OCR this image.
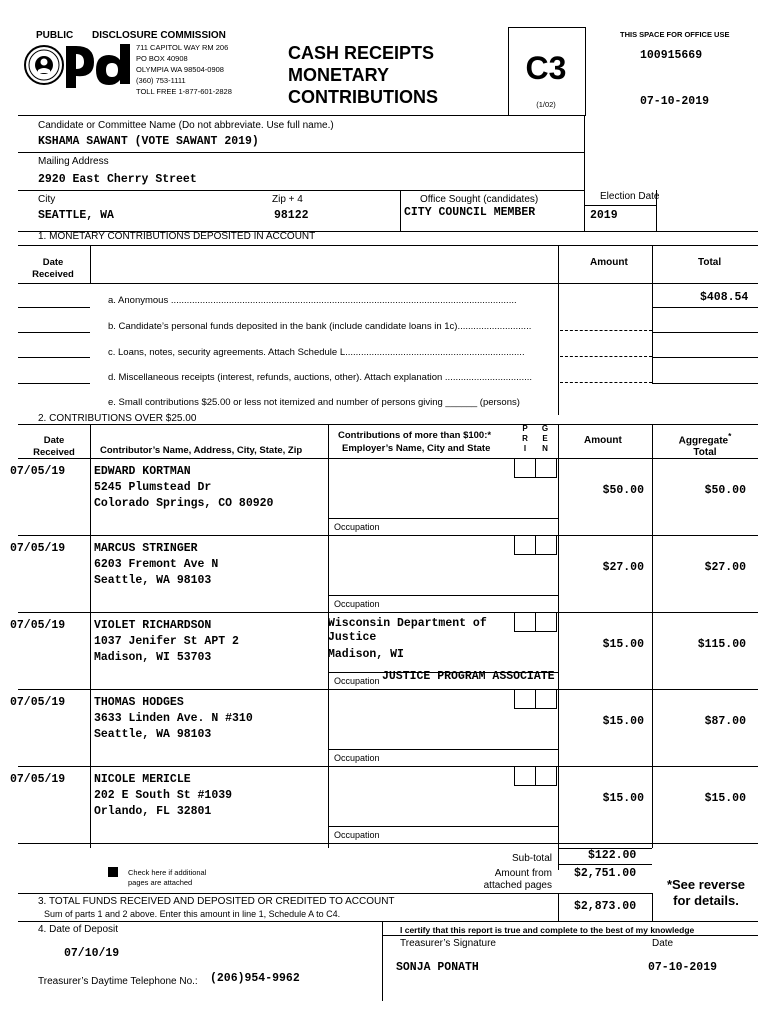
PUBLIC DISCLOSURE COMMISSION
711 CAPITOL WAY RM 206
PO BOX 40908
OLYMPIA WA 98504-0908
(360) 753-1111
TOLL FREE 1-877-601-2828
CASH RECEIPTS
MONETARY
CONTRIBUTIONS
C3
(1/02)
THIS SPACE FOR OFFICE USE
100915669
07-10-2019
Candidate or Committee Name (Do not abbreviate. Use full name.)
KSHAMA SAWANT (VOTE SAWANT 2019)
Mailing Address
2920 East Cherry Street
City	Zip + 4	Office Sought (candidates)	Election Date
SEATTLE, WA	98122	CITY COUNCIL MEMBER	2019
1. MONETARY CONTRIBUTIONS DEPOSITED IN ACCOUNT
Date
Received
Amount	Total
a. Anonymous ...................................................................................................................................	$408.54
b. Candidate’s personal funds deposited in the bank (include candidate loans in 1c)............................
c. Loans, notes, security agreements. Attach Schedule L....................................................................
d. Miscellaneous receipts (interest, refunds, auctions, other). Attach explanation .................................
e. Small contributions $25.00 or less not itemized and number of persons giving ______ (persons)
2. CONTRIBUTIONS OVER $25.00
Date
Received	Contributor’s Name, Address, City, State, Zip
Contributions of more than $100:*
Employer’s Name, City and State
P
R
I
G
E
N
Amount	Aggregate*
Total
07/05/19	EDWARD KORTMAN
5245 Plumstead Dr
Colorado Springs, CO 80920
Occupation
$50.00	$50.00
07/05/19	MARCUS STRINGER
6203 Fremont Ave N
Seattle, WA 98103
Occupation
$27.00	$27.00
07/05/19	VIOLET RICHARDSON
1037 Jenifer St APT 2
Madison, WI 53703
Wisconsin Department of
Justice
Madison, WI
Occupation JUSTICE PROGRAM ASSOCIATE
$15.00	$115.00
07/05/19	THOMAS HODGES
3633 Linden Ave. N #310
Seattle, WA 98103
Occupation
$15.00	$87.00
07/05/19	NICOLE MERICLE
202 E South St #1039
Orlando, FL 32801
Occupation
$15.00	$15.00
Check here if additional
pages are attached
Sub-total	$122.00
Amount from
attached pages
$2,751.00
*See reverse
for details.
3. TOTAL FUNDS RECEIVED AND DEPOSITED OR CREDITED TO ACCOUNT
Sum of parts 1 and 2 above. Enter this amount in line 1, Schedule A to C4.
$2,873.00
4. Date of Deposit
07/10/19
I certify that this report is true and complete to the best of my knowledge
Treasurer’s Signature	Date
SONJA PONATH	07-10-2019
Treasurer’s Daytime Telephone No.: (206)954-9962
